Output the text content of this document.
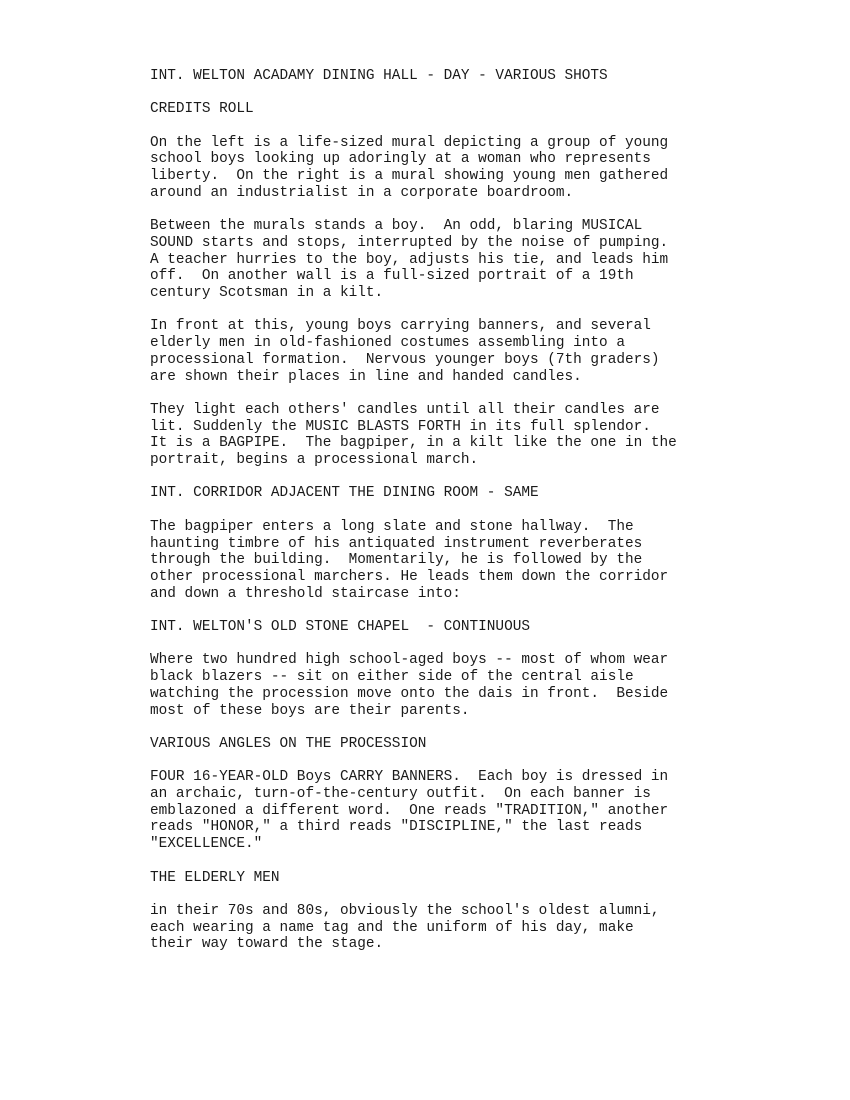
INT. WELTON ACADAMY DINING HALL - DAY - VARIOUS SHOTS
CREDITS ROLL
On the left is a life-sized mural depicting a group of young
school boys looking up adoringly at a woman who represents
liberty.  On the right is a mural showing young men gathered
around an industrialist in a corporate boardroom.
Between the murals stands a boy.  An odd, blaring MUSICAL
SOUND starts and stops, interrupted by the noise of pumping.
A teacher hurries to the boy, adjusts his tie, and leads him
off.  On another wall is a full-sized portrait of a 19th
century Scotsman in a kilt.
In front at this, young boys carrying banners, and several
elderly men in old-fashioned costumes assembling into a
processional formation.  Nervous younger boys (7th graders)
are shown their places in line and handed candles.
They light each others' candles until all their candles are
lit. Suddenly the MUSIC BLASTS FORTH in its full splendor.
It is a BAGPIPE.  The bagpiper, in a kilt like the one in the
portrait, begins a processional march.
INT. CORRIDOR ADJACENT THE DINING ROOM - SAME
The bagpiper enters a long slate and stone hallway.  The
haunting timbre of his antiquated instrument reverberates
through the building.  Momentarily, he is followed by the
other processional marchers. He leads them down the corridor
and down a threshold staircase into:
INT. WELTON'S OLD STONE CHAPEL  - CONTINUOUS
Where two hundred high school-aged boys -- most of whom wear
black blazers -- sit on either side of the central aisle
watching the procession move onto the dais in front.  Beside
most of these boys are their parents.
VARIOUS ANGLES ON THE PROCESSION
FOUR 16-YEAR-OLD Boys CARRY BANNERS.  Each boy is dressed in
an archaic, turn-of-the-century outfit.  On each banner is
emblazoned a different word.  One reads "TRADITION," another
reads "HONOR," a third reads "DISCIPLINE," the last reads
"EXCELLENCE."
THE ELDERLY MEN
in their 70s and 80s, obviously the school's oldest alumni,
each wearing a name tag and the uniform of his day, make
their way toward the stage.
